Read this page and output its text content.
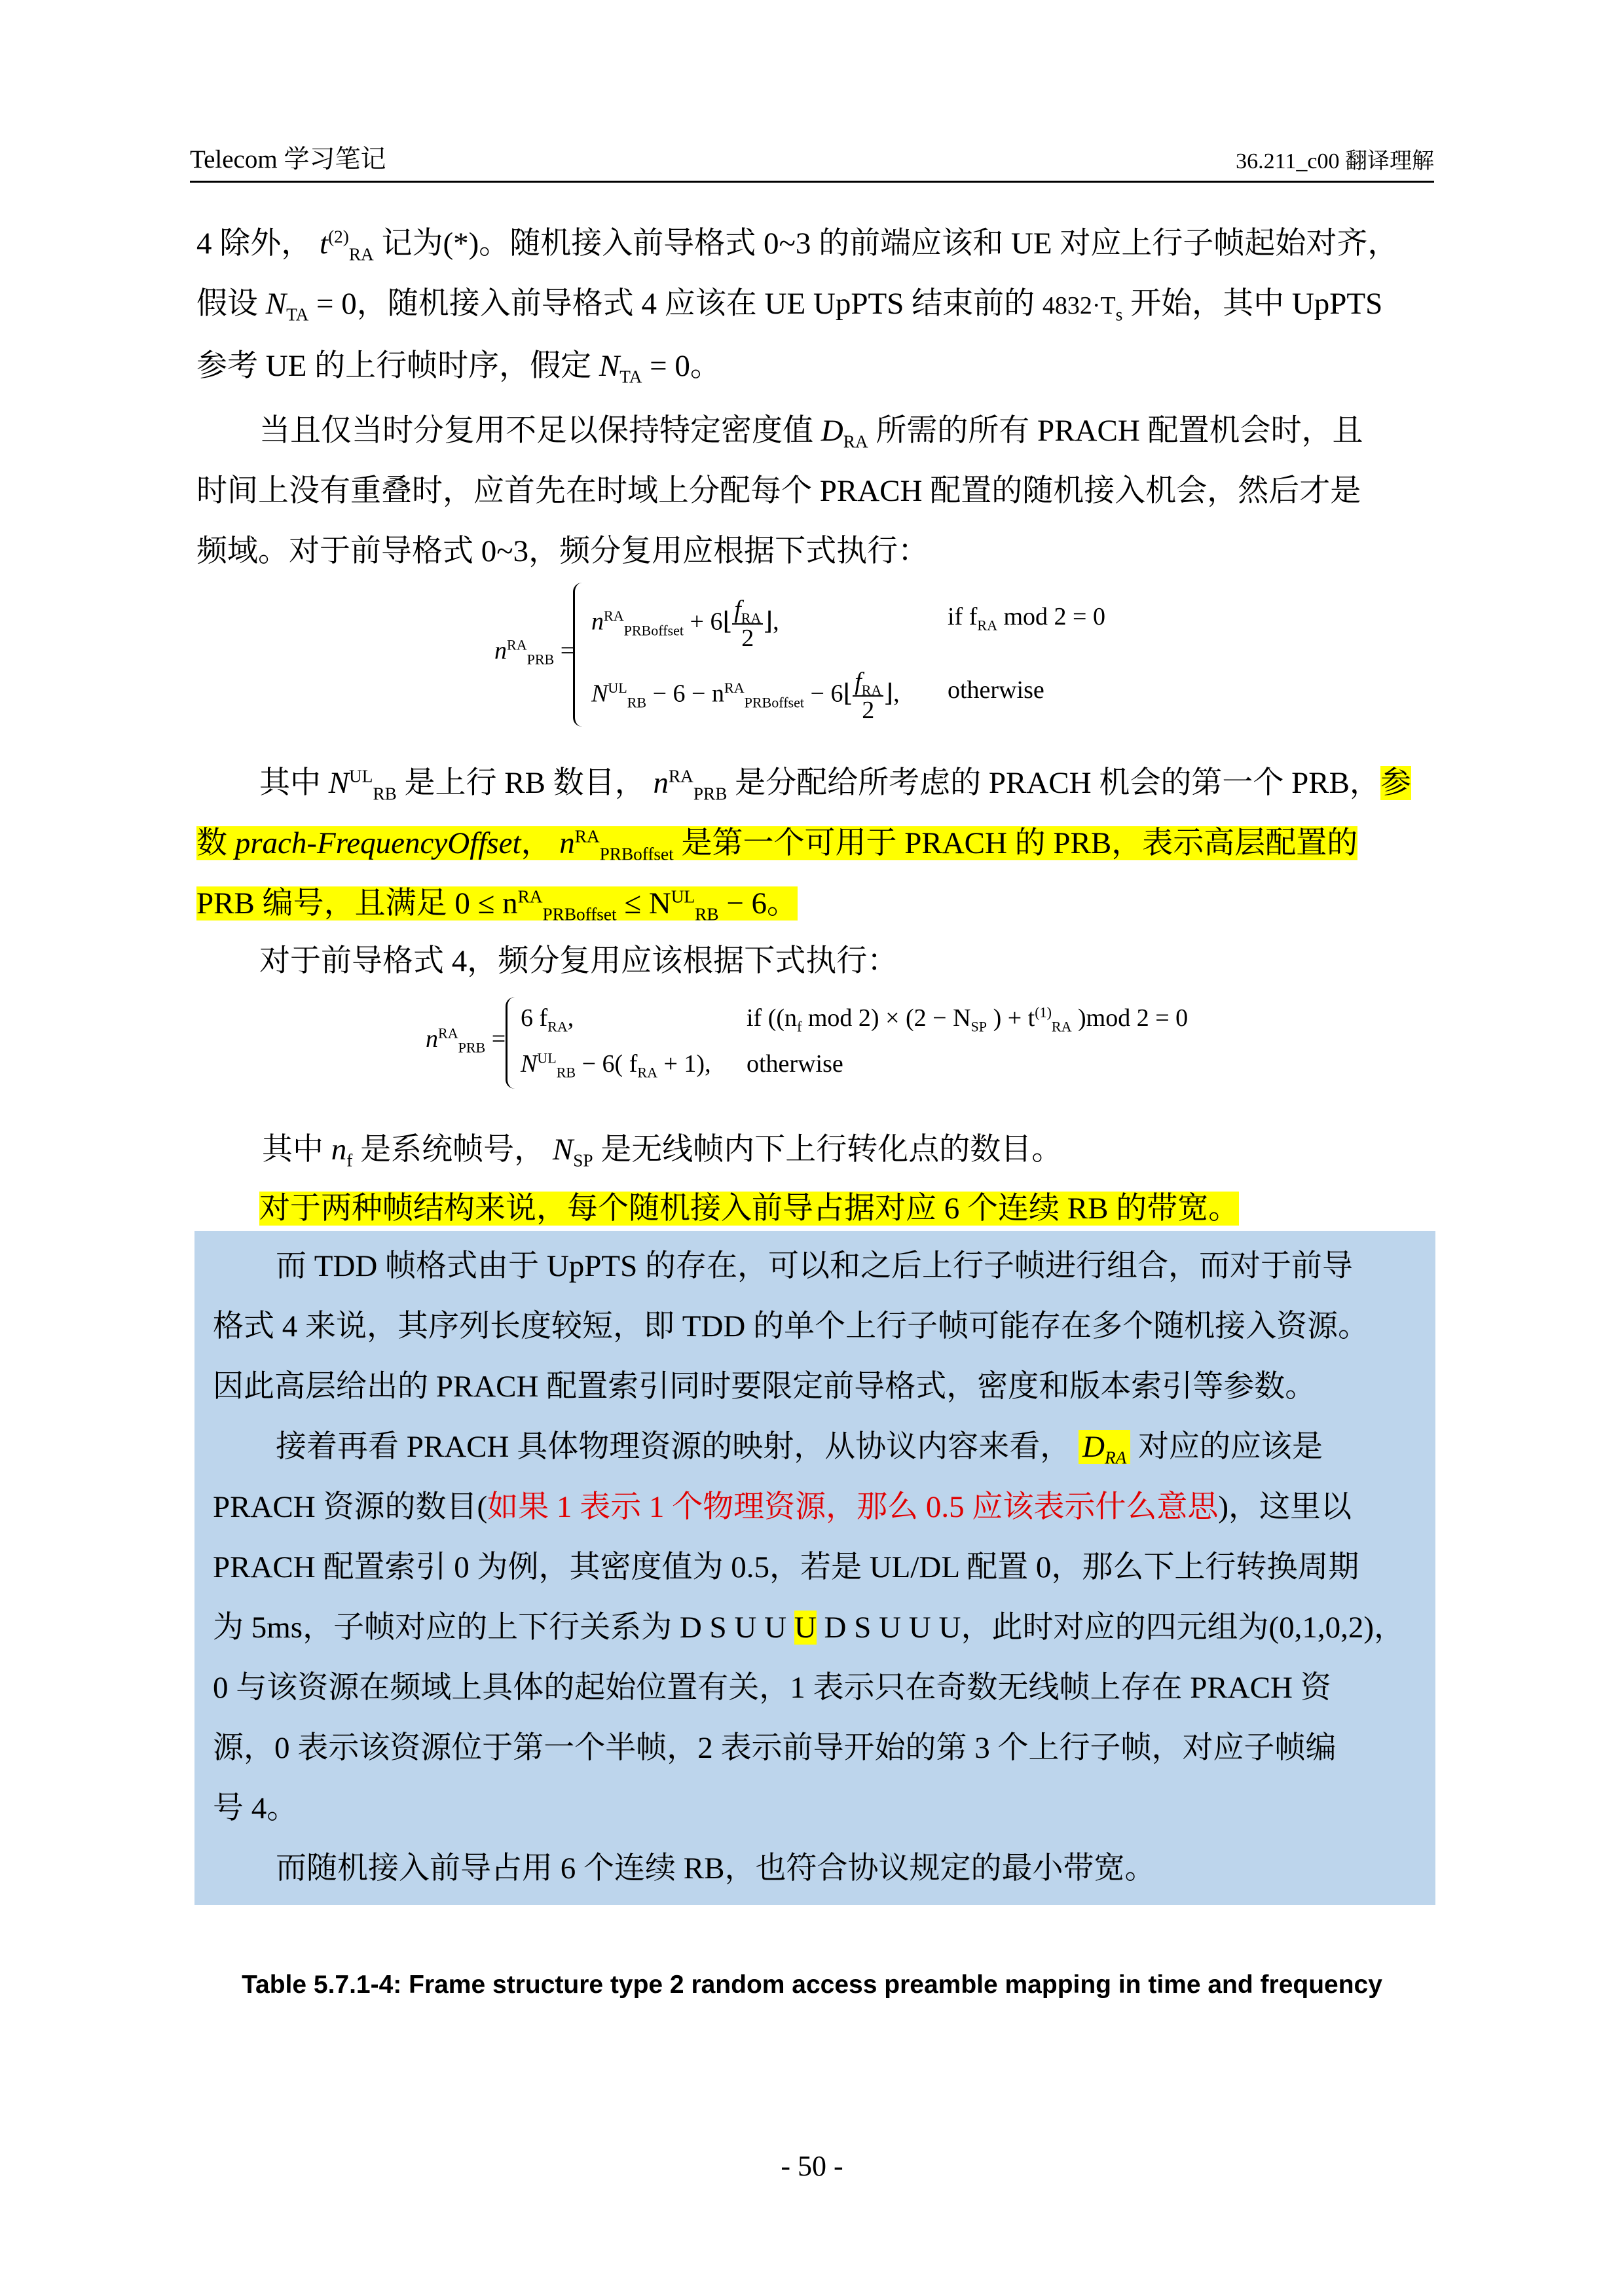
Telecom 学习笔记	36.211_c00 翻译理解
4 除外， $t^{(2)}_{RA}$ 记为(*)。随机接入前导格式 0~3 的前端应该和 UE 对应上行子帧起始对齐，
假设 $N_{TA} = 0$，随机接入前导格式 4 应该在 UE UpPTS 结束前的 $4832\cdot T_s$ 开始，其中 UpPTS
参考 UE 的上行帧时序，假定 $N_{TA} = 0$。
当且仅当时分复用不足以保持特定密度值 $D_{RA}$ 所需的所有 PRACH 配置机会时，且
时间上没有重叠时，应首先在时域上分配每个 PRACH 配置的随机接入机会，然后才是
频域。对于前导格式 0~3，频分复用应根据下式执行：
$n^{RA}_{PRB}$ =
$n^{RA}_{PRBoffset}$ + $6⌊f_{RA}$
2⌋,	if $f_{RA}$ mod 2 = 0
$N^{UL}_{RB} - 6 - n^{RA}_{PRBoffset}$ − $6⌊f_{RA}$
2⌋, otherwise
其中 $N^{UL}_{RB}$ 是上行 RB 数目， $n^{RA}_{PRB}$ 是分配给所考虑的 PRACH 机会的第一个 PRB，参
数 prach-FrequencyOffset， $n^{RA}_{PRBoffset}$ 是第一个可用于 PRACH 的 PRB，表示高层配置的
PRB 编号，且满足 $0 \le n^{RA}_{PRBoffset} \le N^{UL}_{RB} - 6$。
对于前导格式 4，频分复用应该根据下式执行：
$n^{RA}_{PRB}$ =
6 $f_{RA}$,	if (($n_f$ mod $2) \times (2 - N_{SP}$ ) + $t^{(1)}_{RA}$ )mod 2 = 0
$N^{UL}_{RB} - 6$( $f_{RA} + 1$), otherwise
其中 $n_f$ 是系统帧号， $N_{SP}$ 是无线帧内下上行转化点的数目。
对于两种帧结构来说，每个随机接入前导占据对应 6 个连续 RB 的带宽。
而 TDD 帧格式由于 UpPTS 的存在，可以和之后上行子帧进行组合，而对于前导
格式 4 来说，其序列长度较短，即 TDD 的单个上行子帧可能存在多个随机接入资源。
因此高层给出的 PRACH 配置索引同时要限定前导格式，密度和版本索引等参数。
接着再看 PRACH 具体物理资源的映射，从协议内容来看， $D_{RA}$ 对应的应该是
PRACH 资源的数目(如果 1 表示 1 个物理资源，那么 0.5 应该表示什么意思)，这里以
PRACH 配置索引 0 为例，其密度值为 0.5，若是 UL/DL 配置 0，那么下上行转换周期
为 5ms，子帧对应的上下行关系为 D S U U U D S U U U，此时对应的四元组为(0,1,0,2)，
0 与该资源在频域上具体的起始位置有关，1 表示只在奇数无线帧上存在 PRACH 资
源，0 表示该资源位于第一个半帧，2 表示前导开始的第 3 个上行子帧，对应子帧编
号 4。
而随机接入前导占用 6 个连续 RB，也符合协议规定的最小带宽。
Table 5.7.1-4: Frame structure type 2 random access preamble mapping in time and frequency
- 50 -
